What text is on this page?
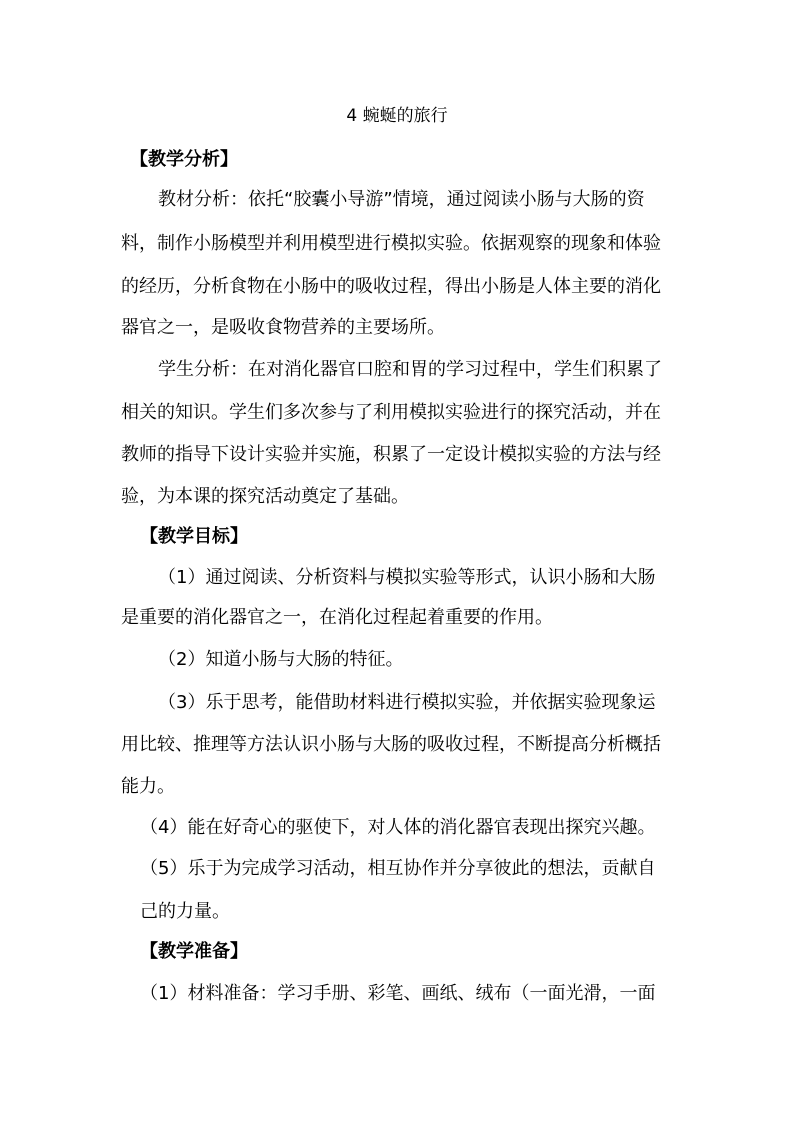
4 蜿蜒的旅行
【教学分析】
教材分析：依托“胶囊小导游”情境，通过阅读小肠与大肠的资
料，制作小肠模型并利用模型进行模拟实验。依据观察的现象和体验
的经历，分析食物在小肠中的吸收过程，得出小肠是人体主要的消化
器官之一，是吸收食物营养的主要场所。
学生分析：在对消化器官口腔和胃的学习过程中，学生们积累了
相关的知识。学生们多次参与了利用模拟实验进行的探究活动，并在
教师的指导下设计实验并实施，积累了一定设计模拟实验的方法与经
验，为本课的探究活动奠定了基础。
【教学目标】
（1）通过阅读、分析资料与模拟实验等形式，认识小肠和大肠
是重要的消化器官之一，在消化过程起着重要的作用。
（2）知道小肠与大肠的特征。
（3）乐于思考，能借助材料进行模拟实验，并依据实验现象运
用比较、推理等方法认识小肠与大肠的吸收过程，不断提高分析概括
能力。
（4）能在好奇心的驱使下，对人体的消化器官表现出探究兴趣。
（5）乐于为完成学习活动，相互协作并分享彼此的想法，贡献自
己的力量。
【教学准备】
（1）材料准备：学习手册、彩笔、画纸、绒布（一面光滑，一面
